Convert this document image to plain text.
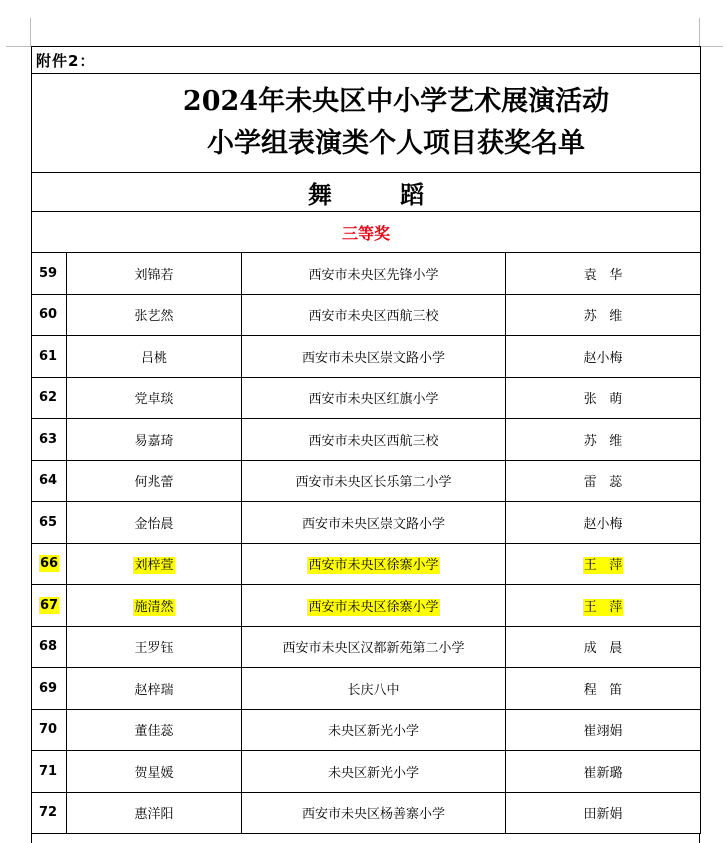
附件2：			

2024年未央区中小学艺术展演活动
小学组表演类个人项目获奖名单			

舞 蹈			
三等奖			
59	刘锦若	西安市未央区先锋小学	袁   华
60	张艺然	西安市未央区西航三校	苏   维
61	吕桃	西安市未央区崇文路小学	赵小梅
62	党卓琰	西安市未央区红旗小学	张   萌
63	易嘉琦	西安市未央区西航三校	苏   维
64	何兆蕾	西安市未央区长乐第二小学	雷   蕊
65	金怡晨	西安市未央区崇文路小学	赵小梅
66	刘梓萱	西安市未央区徐寨小学	王   萍
67	施清然	西安市未央区徐寨小学	王   萍
68	王罗钰	西安市未央区汉都新苑第二小学	成   晨
69	赵梓瑞	长庆八中	程   笛
70	董佳蕊	未央区新光小学	崔翊娟
71	贺星媛	未央区新光小学	崔新璐
72	惠洋阳	西安市未央区杨善寨小学	田新娟
